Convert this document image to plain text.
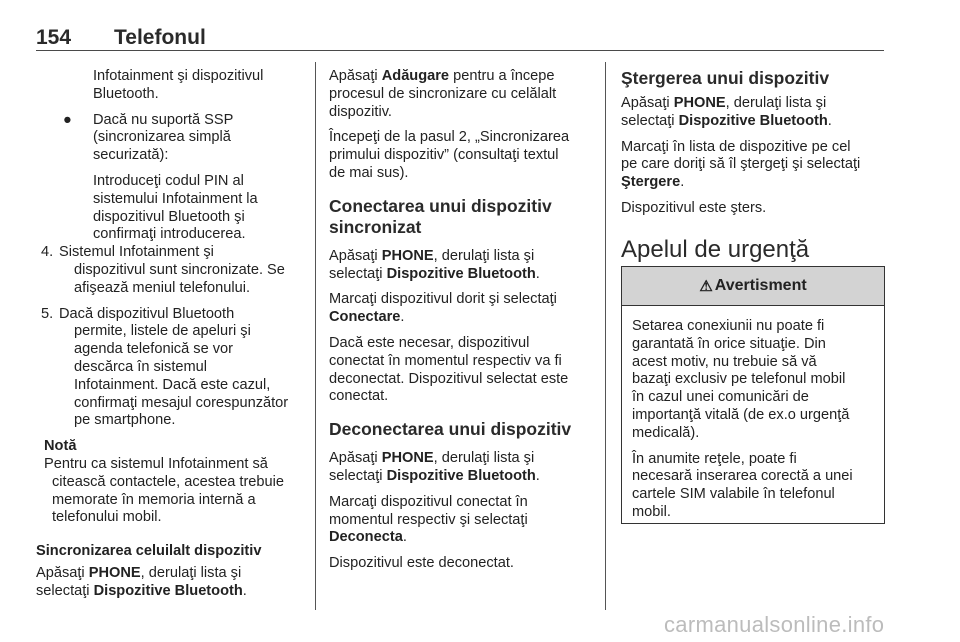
154 Telefonul

Infotainment şi dispozitivul

Bluetooth.

● Dacă nu suportă SSP

(sincronizarea simplă

securizată):

Introduceţi codul PIN al

sistemului Infotainment la

dispozitivul Bluetooth şi

confirmaţi introducerea.

4. Sistemul Infotainment şi

dispozitivul sunt sincronizate. Se

afişează meniul telefonului.

5. Dacă dispozitivul Bluetooth

permite, listele de apeluri şi

agenda telefonică se vor

descărca în sistemul

Infotainment. Dacă este cazul,

confirmaţi mesajul corespunzător

pe smartphone.

Notă

Pentru ca sistemul Infotainment să

citească contactele, acestea trebuie

memorate în memoria internă a

telefonului mobil.

Sincronizarea celuilalt dispozitiv

Apăsaţi PHONE, derulaţi lista şi

selectaţi Dispozitive Bluetooth.

Apăsaţi Adăugare pentru a începe

procesul de sincronizare cu celălalt

dispozitiv.

Începeţi de la pasul 2, „Sincronizarea

primului dispozitiv” (consultaţi textul

de mai sus).

Conectarea unui dispozitiv

sincronizat

Apăsaţi PHONE, derulaţi lista şi

selectaţi Dispozitive Bluetooth.

Marcaţi dispozitivul dorit şi selectaţi

Conectare.

Dacă este necesar, dispozitivul

conectat în momentul respectiv va fi

deconectat. Dispozitivul selectat este

conectat.

Deconectarea unui dispozitiv

Apăsaţi PHONE, derulaţi lista şi

selectaţi Dispozitive Bluetooth.

Marcaţi dispozitivul conectat în

momentul respectiv şi selectaţi

Deconecta.

Dispozitivul este deconectat.

Ştergerea unui dispozitiv

Apăsaţi PHONE, derulaţi lista şi

selectaţi Dispozitive Bluetooth.

Marcaţi în lista de dispozitive pe cel

pe care doriţi să îl ştergeţi şi selectaţi

Ştergere.

Dispozitivul este şters.

Apelul de urgenţă

⚠ Avertisment

Setarea conexiunii nu poate fi

garantată în orice situaţie. Din

acest motiv, nu trebuie să vă

bazaţi exclusiv pe telefonul mobil

în cazul unei comunicări de

importanţă vitală (de ex.o urgenţă

medicală).

În anumite reţele, poate fi

necesară inserarea corectă a unei

cartele SIM valabile în telefonul

mobil.

carmanualsonline.info
